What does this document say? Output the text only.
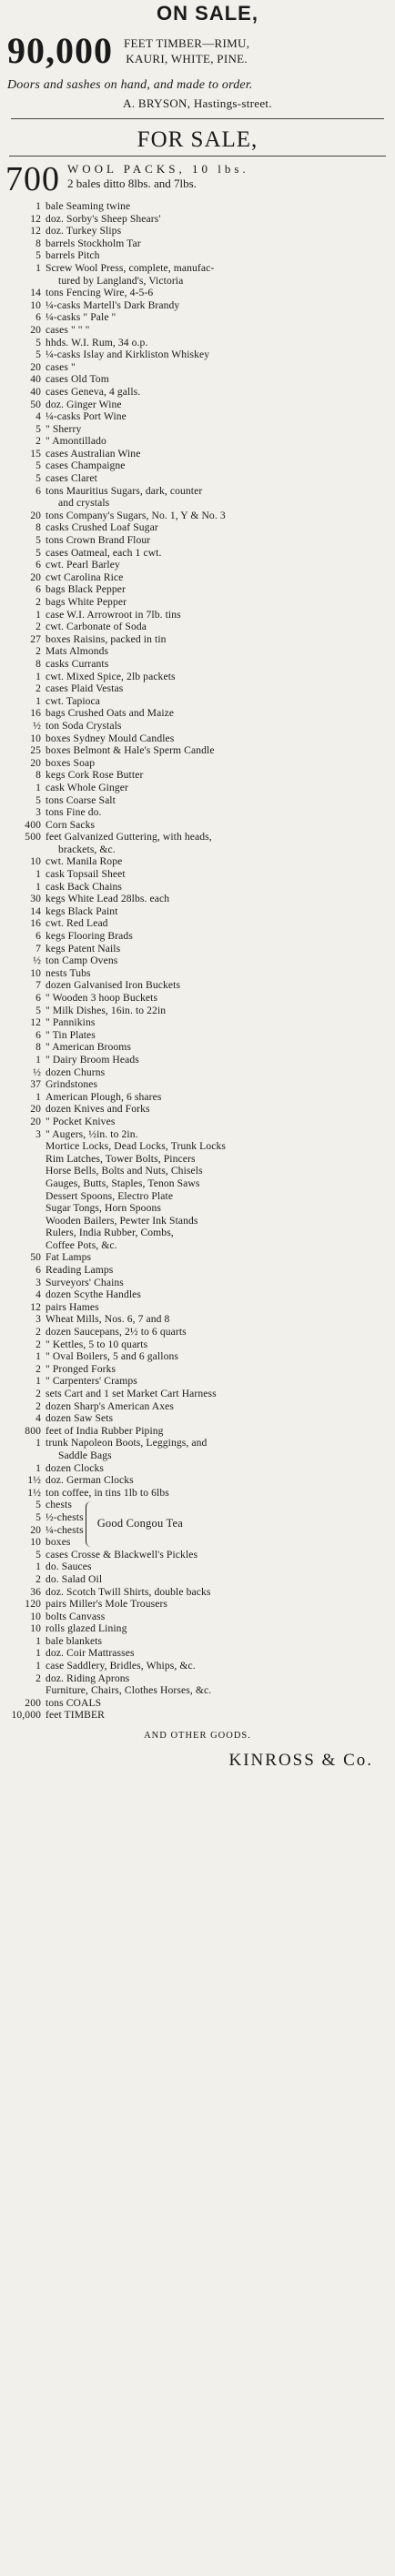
ON SALE,
90,000 FEET TIMBER—RIMU,
KAURI, WHITE, PINE.
Doors and sashes on hand, and made to order.
A. BRYSON, Hastings-street.
FOR SALE,
700 WOOL PACKS, 10 lbs.
2 bales ditto 8lbs. and 7lbs.
1 bale Seaming twine
12 doz. Sorby's Sheep Shears'
12 doz. Turkey Slips
8 barrels Stockholm Tar
5 barrels Pitch
1 Screw Wool Press, complete, manufac-
tured by Langland's, Victoria
14 tons Fencing Wire, 4-5-6
10 ¼-casks Martell's Dark Brandy
6 ¼-casks " Pale "
20 cases " " "
5 hhds. W.I. Rum, 34 o.p.
5 ¼-casks Islay and Kirkliston Whiskey
20 cases "
40 cases Old Tom
40 cases Geneva, 4 galls.
50 doz. Ginger Wine
4 ¼-casks Port Wine
5 " Sherry
2 " Amontillado
15 cases Australian Wine
5 cases Champaigne
5 cases Claret
6 tons Mauritius Sugars, dark, counter
and crystals
20 tons Company's Sugars, No. 1, Y & No. 3
8 casks Crushed Loaf Sugar
5 tons Crown Brand Flour
5 cases Oatmeal, each 1 cwt.
6 cwt. Pearl Barley
20 cwt Carolina Rice
6 bags Black Pepper
2 bags White Pepper
1 case W.I. Arrowroot in 7lb. tins
2 cwt. Carbonate of Soda
27 boxes Raisins, packed in tin
2 Mats Almonds
8 casks Currants
1 cwt. Mixed Spice, 2lb packets
2 cases Plaid Vestas
1 cwt. Tapioca
16 bags Crushed Oats and Maize
½ ton Soda Crystals
10 boxes Sydney Mould Candles
25 boxes Belmont & Hale's Sperm Candle
20 boxes Soap
8 kegs Cork Rose Butter
1 cask Whole Ginger
5 tons Coarse Salt
3 tons Fine do.
400 Corn Sacks
500 feet Galvanized Guttering, with heads,
brackets, &c.
10 cwt. Manila Rope
1 cask Topsail Sheet
1 cask Back Chains
30 kegs White Lead 28lbs. each
14 kegs Black Paint
16 cwt. Red Lead
6 kegs Flooring Brads
7 kegs Patent Nails
½ ton Camp Ovens
10 nests Tubs
7 dozen Galvanised Iron Buckets
6 " Wooden 3 hoop Buckets
5 " Milk Dishes, 16in. to 22in
12 " Pannikins
6 " Tin Plates
8 " American Brooms
1 " Dairy Broom Heads
½ dozen Churns
37 Grindstones
1 American Plough, 6 shares
20 dozen Knives and Forks
20 " Pocket Knives
3 " Augers, ½in. to 2in.
Mortice Locks, Dead Locks, Trunk Locks
Rim Latches, Tower Bolts, Pincers
Horse Bells, Bolts and Nuts, Chisels
Gauges, Butts, Staples, Tenon Saws
Dessert Spoons, Electro Plate
Sugar Tongs, Horn Spoons
Wooden Bailers, Pewter Ink Stands
Rulers, India Rubber, Combs,
Coffee Pots, &c.
50 Fat Lamps
6 Reading Lamps
3 Surveyors' Chains
4 dozen Scythe Handles
12 pairs Hames
3 Wheat Mills, Nos. 6, 7 and 8
2 dozen Saucepans, 2½ to 6 quarts
2 " Kettles, 5 to 10 quarts
1 " Oval Boilers, 5 and 6 gallons
2 " Pronged Forks
1 " Carpenters' Cramps
2 sets Cart and 1 set Market Cart Harness
2 dozen Sharp's American Axes
4 dozen Saw Sets
800 feet of India Rubber Piping
1 trunk Napoleon Boots, Leggings, and
Saddle Bags
1 dozen Clocks
1½ doz. German Clocks
1½ ton coffee, in tins 1lb to 6lbs
5 chests
5 ½-chests
20 ¼-chests
10 boxes
Good Congou Tea
5 cases Crosse & Blackwell's Pickles
1 do. Sauces
2 do. Salad Oil
36 doz. Scotch Twill Shirts, double backs
120 pairs Miller's Mole Trousers
10 bolts Canvass
10 rolls glazed Lining
1 bale blankets
1 doz. Coir Mattrasses
1 case Saddlery, Bridles, Whips, &c.
2 doz. Riding Aprons
Furniture, Chairs, Clothes Horses, &c.
200 tons COALS
10,000 feet TIMBER
AND OTHER GOODS.
KINROSS & Co.
